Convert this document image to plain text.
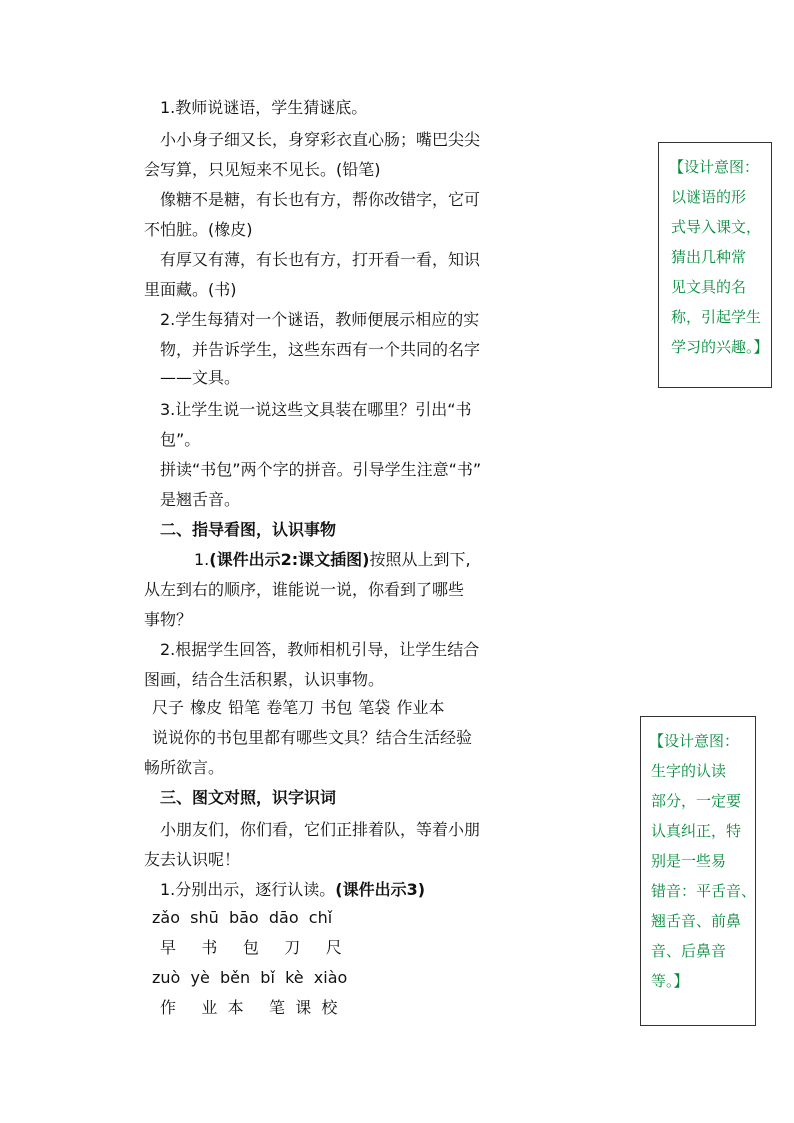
1.教师说谜语，学生猜谜底。
小小身子细又长，身穿彩衣直心肠；嘴巴尖尖
会写算，只见短来不见长。(铅笔)
像糖不是糖，有长也有方，帮你改错字，它可
不怕脏。(橡皮)
有厚又有薄，有长也有方，打开看一看，知识
里面藏。(书)
2.学生每猜对一个谜语，教师便展示相应的实
物，并告诉学生，这些东西有一个共同的名字
——文具。
3.让学生说一说这些文具装在哪里？引出“书
包”。
拼读“书包”两个字的拼音。引导学生注意“书”
是翘舌音。
二、指导看图，认识事物
1.(课件出示2:课文插图)按照从上到下,
从左到右的顺序，谁能说一说，你看到了哪些
事物？
2.根据学生回答，教师相机引导，让学生结合
图画，结合生活积累，认识事物。
尺子 橡皮 铅笔 卷笔刀 书包 笔袋 作业本
说说你的书包里都有哪些文具？结合生活经验
畅所欲言。
三、图文对照，识字识词
小朋友们，你们看，它们正排着队，等着小朋
友去认识呢！
1.分别出示，逐行认读。(课件出示3)
zǎo  shū  bāo  dāo  chǐ
早     书     包     刀     尺
zuò  yè  běn  bǐ  kè  xiào
作     业  本     笔  课  校
【设计意图：
以谜语的形
式导入课文，
猜出几种常
见文具的名
称，引起学生
学习的兴趣。】
【设计意图：
生字的认读
部分，一定要
认真纠正，特
别是一些易
错音：平舌音、
翘舌音、前鼻
音、后鼻音
等。】
